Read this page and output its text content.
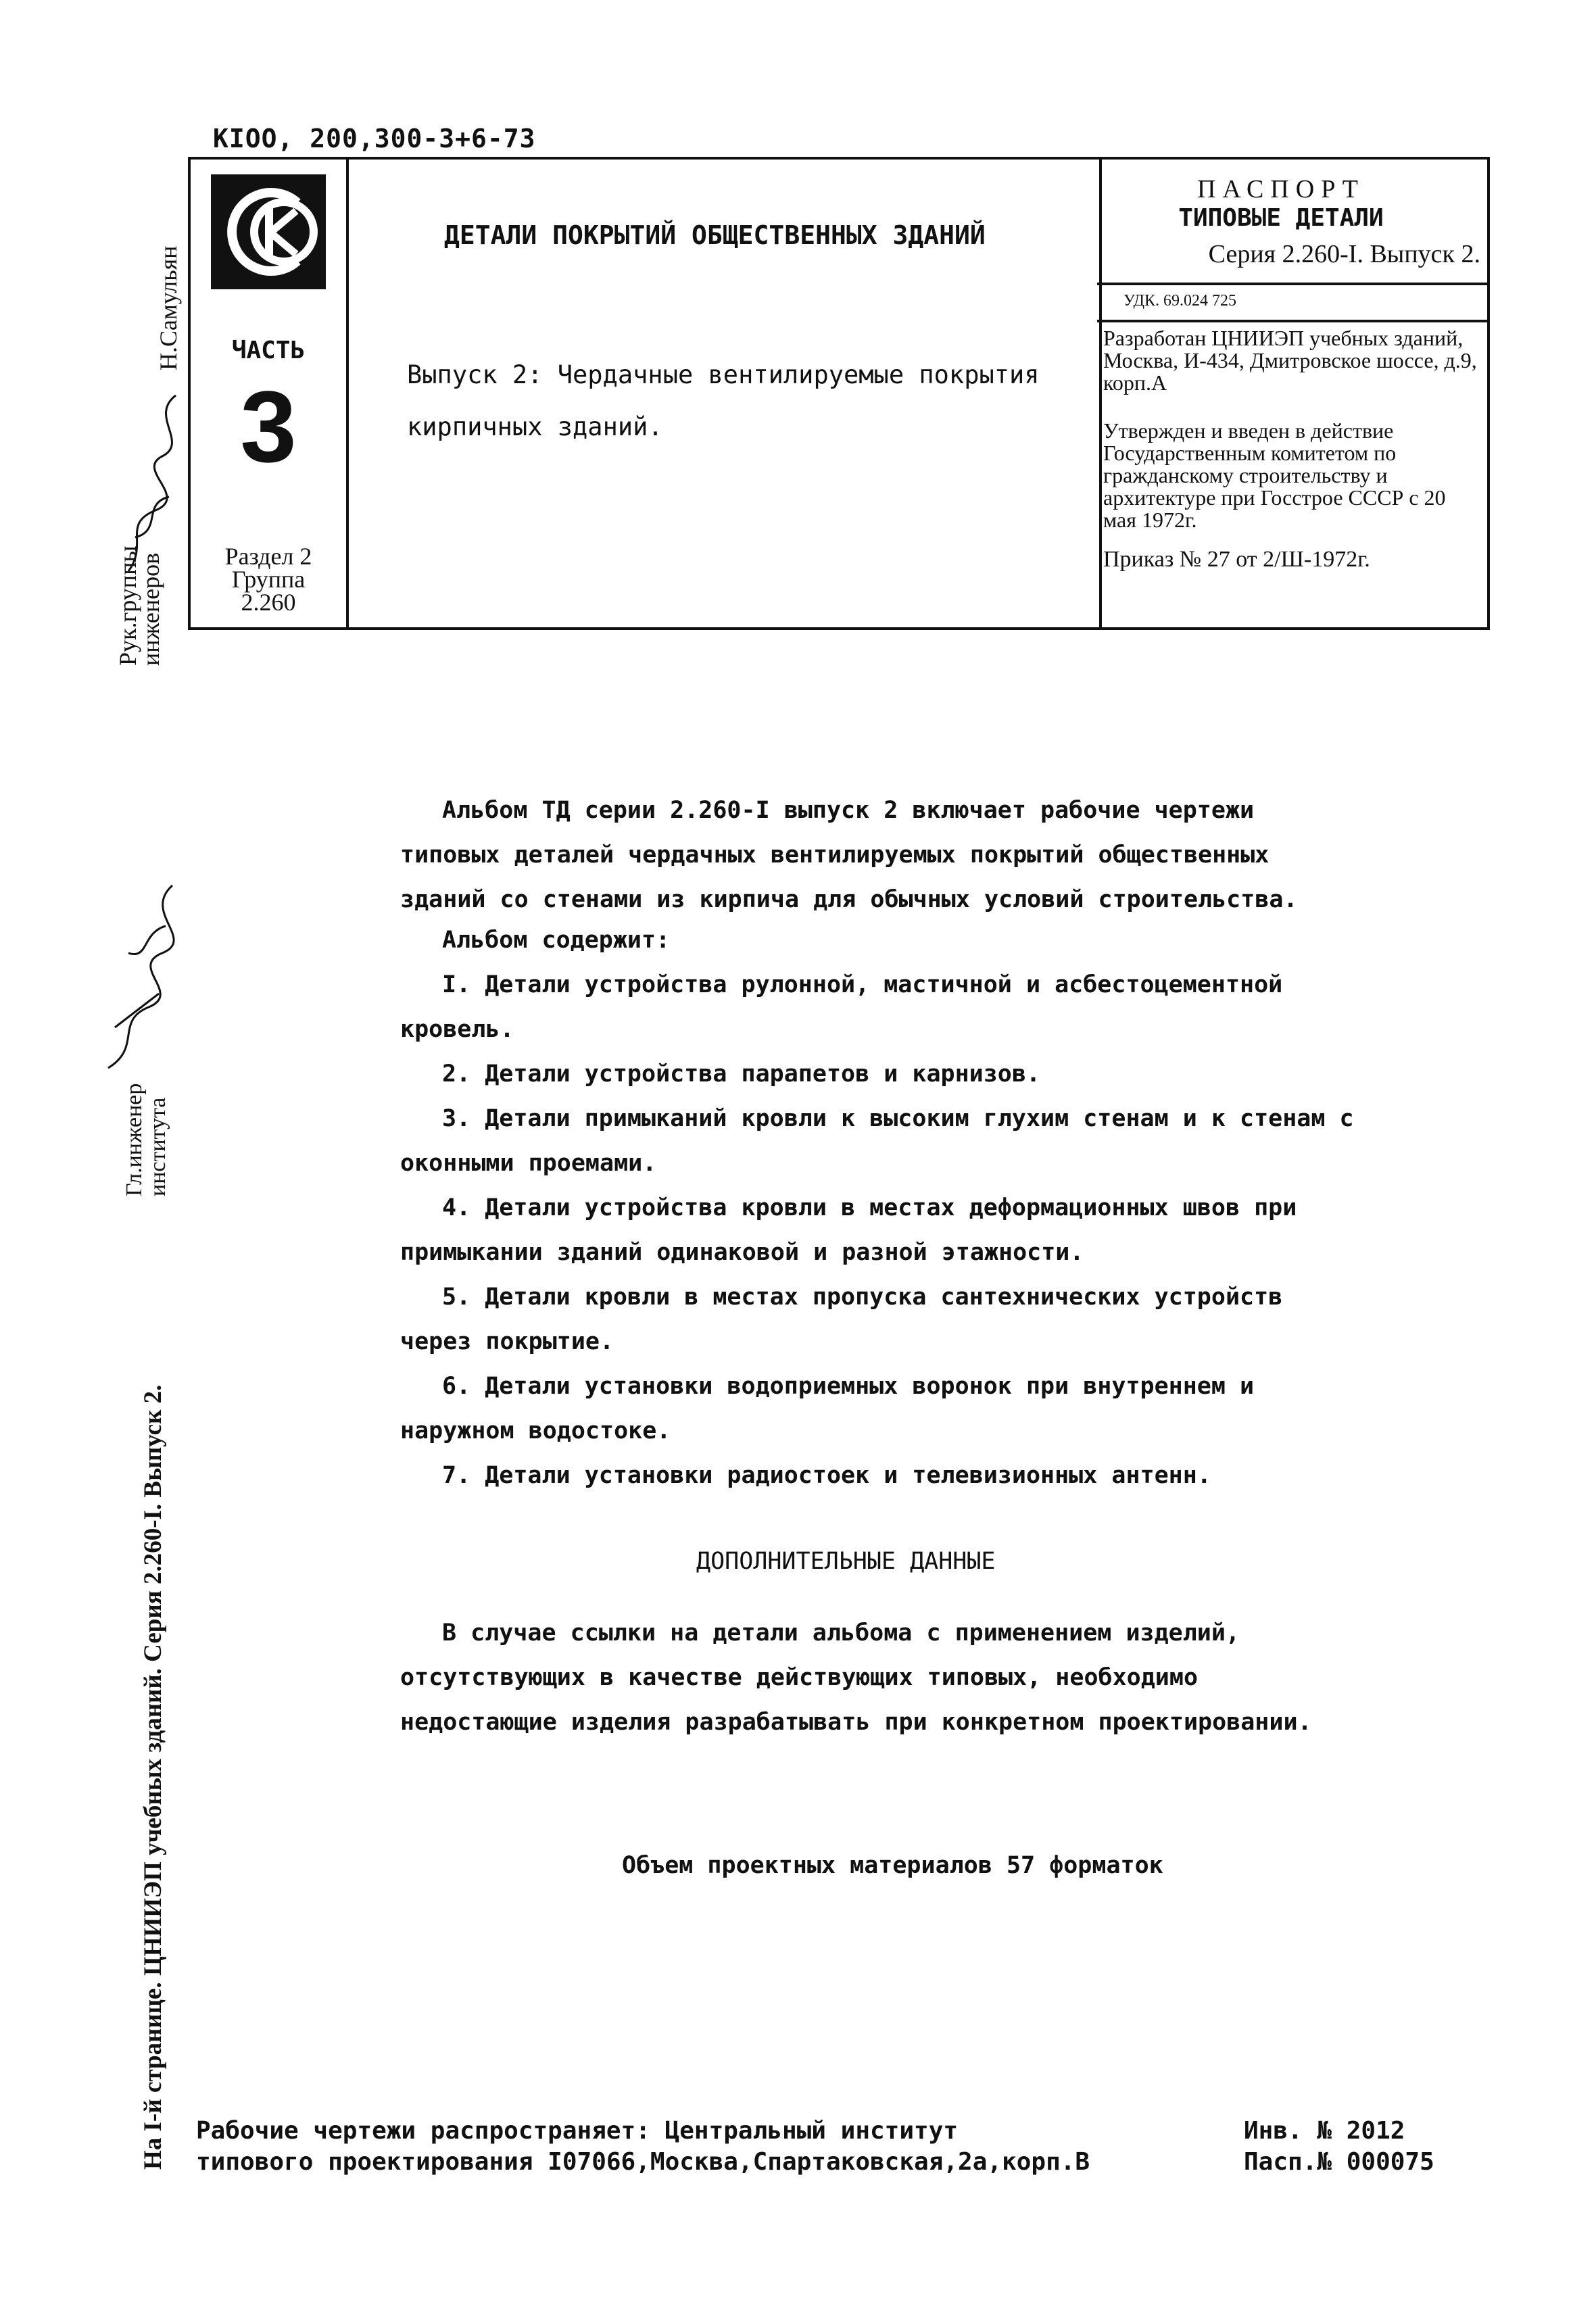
КIОО, 200,300-3+6-73
ЧАСТЬ
3
Раздел 2
Группа
2.260
ДЕТАЛИ ПОКРЫТИЙ ОБЩЕСТВЕННЫХ ЗДАНИЙ
Выпуск 2: Чердачные вентилируемые покрытия кирпичных зданий.
ПАСПОРТ
ТИПОВЫЕ ДЕТАЛИ
Серия 2.260-I. Выпуск 2.
УДК. 69.024 725
Разработан ЦНИИЭП учебных зданий, Москва, И-434, Дмитровское шоссе, д.9, корп.А
Утвержден и введен в действие Государственным комитетом по гражданскому строительству и архитектуре при Госстрое СССР с 20 мая 1972г.
Приказ № 27 от 2/Ш-1972г.
Рук.группы
инженеров
Н.Самульян
Гл.инженер
института
На I-й странице. ЦНИИЭП учебных зданий. Серия 2.260-I. Выпуск 2.
Альбом ТД серии 2.260-I выпуск 2 включает рабочие чертежи типовых деталей чердачных вентилируемых покрытий общественных зданий со стенами из кирпича для обычных условий строительства.
Альбом содержит:
I. Детали устройства рулонной, мастичной и асбестоцементной кровель.
2. Детали устройства парапетов и карнизов.
3. Детали примыканий кровли к высоким глухим стенам и к стенам с оконными проемами.
4. Детали устройства кровли в местах деформационных швов при примыкании зданий одинаковой и разной этажности.
5. Детали кровли в местах пропуска сантехнических устройств через покрытие.
6. Детали установки водоприемных воронок при внутреннем и наружном водостоке.
7. Детали установки радиостоек и телевизионных антенн.
ДОПОЛНИТЕЛЬНЫЕ ДАННЫЕ
В случае ссылки на детали альбома с применением изделий, отсутствующих в качестве действующих типовых, необходимо недостающие изделия разрабатывать при конкретном проектировании.
Объем проектных материалов 57 форматок
Рабочие чертежи распространяет: Центральный институт
типового проектирования I07066,Москва,Спартаковская,2а,корп.В
Инв. № 2012
Пасп.№ 000075
